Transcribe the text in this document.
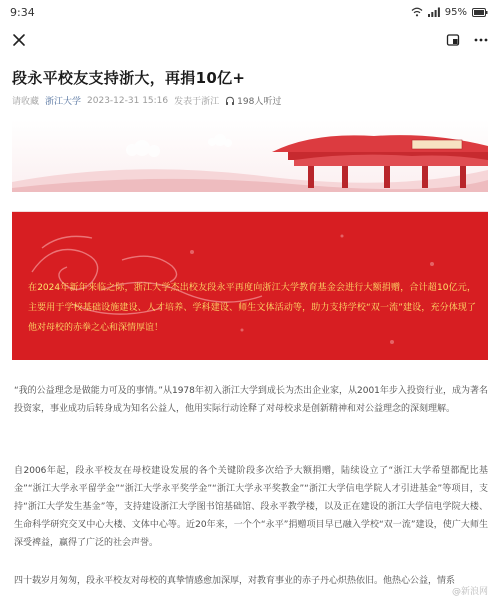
9:34	95%
段永平校友支持浙大，再捐10亿+
请收藏 浙江大学 2023-12-31 15:16 发表于浙江 198人听过
在2024年新年来临之际，浙江大学杰出校友段永平再度向浙江大学教育基金会进行大额捐赠，合计超10亿元，主要用于学校基础设施建设、人才培养、学科建设、师生文体活动等，助力支持学校“双一流”建设，充分体现了他对母校的赤拳之心和深情厚谊！
“我的公益理念是做能力可及的事情。”从1978年初入浙江大学到成长为杰出企业家，从2001年步入投资行业，成为著名投资家，事业成功后转身成为知名公益人，他用实际行动诠释了对母校求是创新精神和对公益理念的深刻理解。
自2006年起，段永平校友在母校建设发展的各个关键阶段多次给予大额捐赠，陆续设立了“浙江大学希望都配比基金”“浙江大学永平留学金”“浙江大学永平奖学金”“浙江大学永平奖教金”“浙江大学信电学院人才引进基金”等项目，支持“浙江大学发生基金”等，支持建设浙江大学图书馆基础馆、段永平教学楼，以及正在建设的浙江大学信电学院大楼、生命科学研究交叉中心大楼、文体中心等。近20年来，一个个“永平”捐赠项目早已融入学校“双一流”建设，使广大师生深受裨益，赢得了广泛的社会声誉。
四十载岁月匆匆，段永平校友对母校的真挚情感愈加深厚，对教育事业的赤子丹心炽热依旧。他热心公益，情系
@新浪网
